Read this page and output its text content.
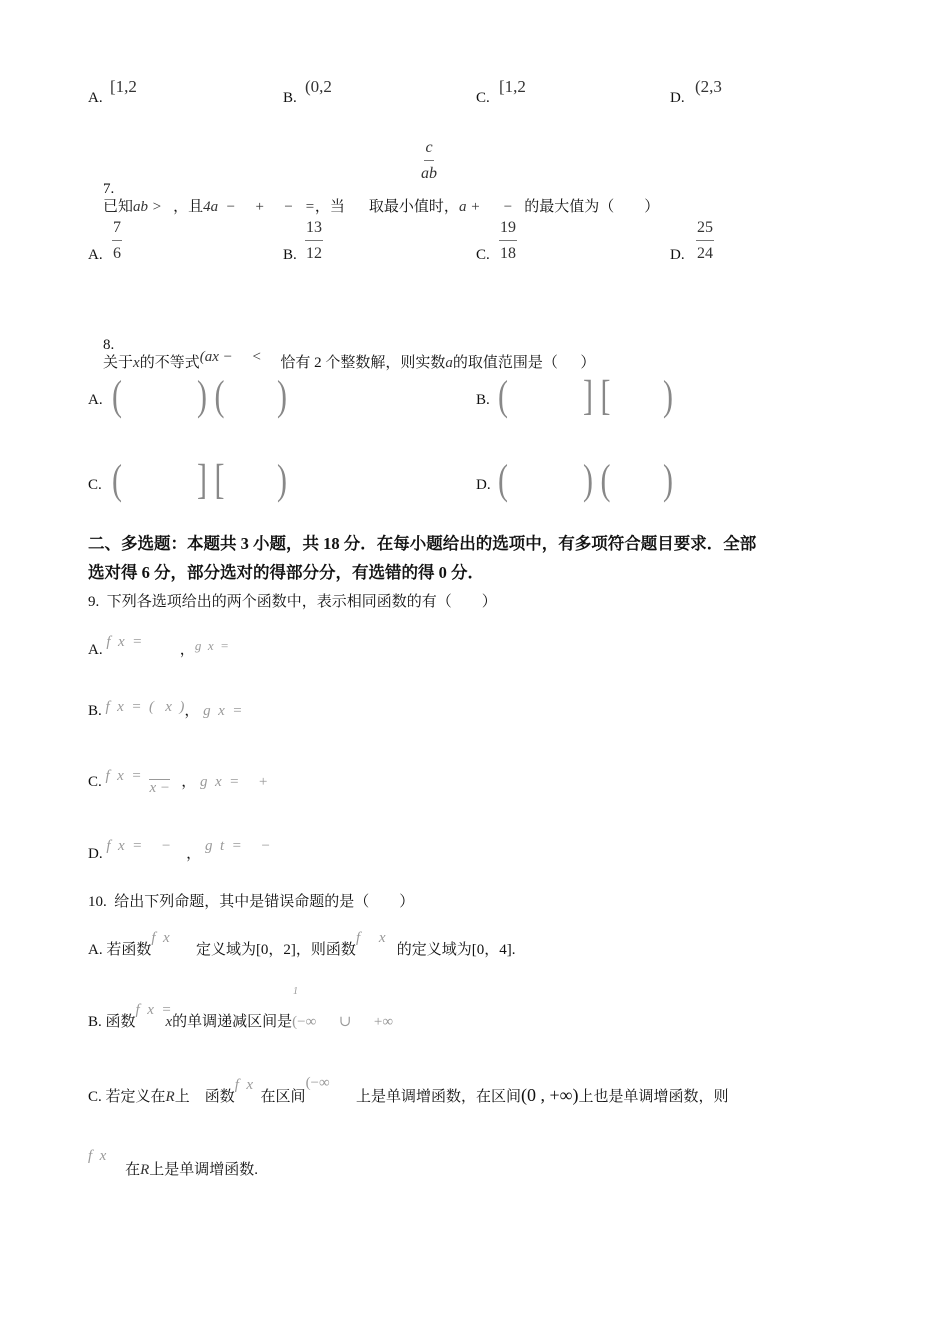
A.
[1,2
B.
(0,2
C.
[1,2
D.
(2,3

7.
已知ab > ，且4a  −     +     −   =，当 取最小值时，a +      − 的最大值为（        ）

$\frac{c}{ab}$
A. $\frac{7}{6}$	B. $\frac{13}{12}$	C. $\frac{19}{18}$	D. $\frac{25}{24}$

8.
关于x的不等式(ax −     < 恰有 2 个整数解，则实数a的取值范围是（      ）

A. (          ) (       )	B. (          ] [       )
C. (          ] [       )	D. (          ) (       )
二、多选题：本题共 3 小题，共 18 分．在每小题给出的选项中，有多项符合题目要求．全部
选对得 6 分，部分选对的得部分分，有选错的得 0 分．
9.  下列各选项给出的两个函数中，表示相同函数的有（        ）
A. f  x  =	，g  x  =
B. f  x  =  (   x  )， g  x  =
C. f  x  =x − ， g  x  =     +
D. f  x  =     − ， g  t  =     −
10.  给出下列命题，其中是错误命题的是（        ）
A. 若函数f  x       定义域为[0，2]，则函数f     x   的定义域为[0，4].
B. 函数f  x  =x
1
的单调递减区间是(−∞      ∪      +∞
C. 若定义在R上    函数f  x  在区间(−∞       上是单调增函数，在区间(0 , +∞)上也是单调增函数，则
f  x     在R上是单调增函数.
